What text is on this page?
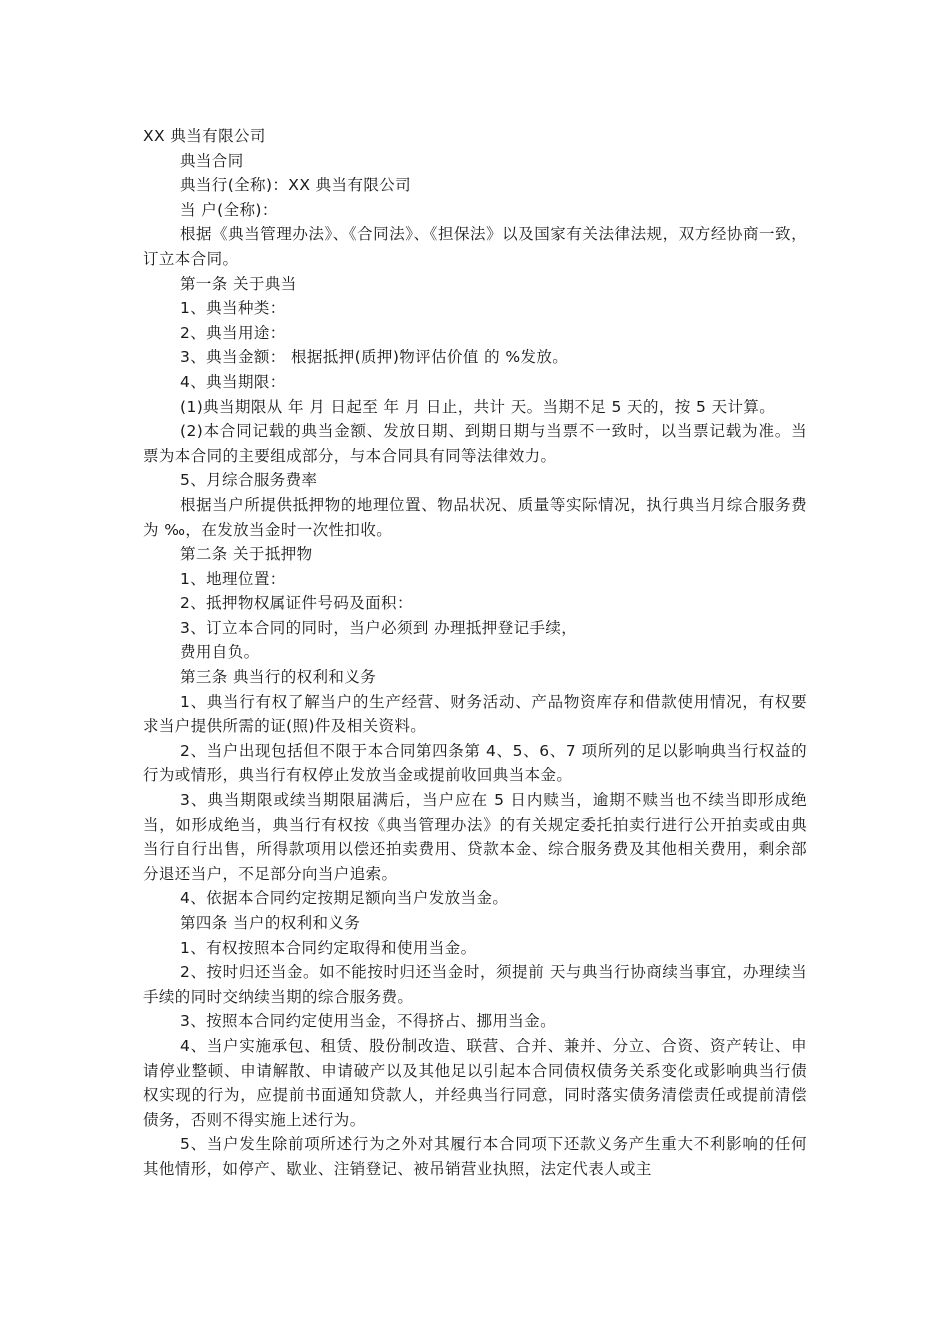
XX 典当有限公司

典当合同

典当行(全称)：XX 典当有限公司

当 户(全称)：

根据《典当管理办法》、《合同法》、《担保法》以及国家有关法律法规，双方经协商一致，订立本合同。

第一条 关于典当

1、典当种类：

2、典当用途：

3、典当金额： 根据抵押(质押)物评估价值 的 %发放。

4、典当期限：

(1)典当期限从 年 月 日起至 年 月 日止，共计 天。当期不足 5 天的，按 5 天计算。

(2)本合同记载的典当金额、发放日期、到期日期与当票不一致时，以当票记载为准。当票为本合同的主要组成部分，与本合同具有同等法律效力。

5、月综合服务费率

根据当户所提供抵押物的地理位置、物品状况、质量等实际情况，执行典当月综合服务费为 ‰，在发放当金时一次性扣收。

第二条 关于抵押物

1、地理位置：

2、抵押物权属证件号码及面积：

3、订立本合同的同时，当户必须到 办理抵押登记手续，

费用自负。

第三条 典当行的权利和义务

1、典当行有权了解当户的生产经营、财务活动、产品物资库存和借款使用情况，有权要求当户提供所需的证(照)件及相关资料。

2、当户出现包括但不限于本合同第四条第 4、5、6、7 项所列的足以影响典当行权益的行为或情形，典当行有权停止发放当金或提前收回典当本金。

3、典当期限或续当期限届满后，当户应在 5 日内赎当，逾期不赎当也不续当即形成绝当，如形成绝当，典当行有权按《典当管理办法》的有关规定委托拍卖行进行公开拍卖或由典当行自行出售，所得款项用以偿还拍卖费用、贷款本金、综合服务费及其他相关费用，剩余部分退还当户，不足部分向当户追索。

4、依据本合同约定按期足额向当户发放当金。

第四条 当户的权利和义务

1、有权按照本合同约定取得和使用当金。

2、按时归还当金。如不能按时归还当金时，须提前 天与典当行协商续当事宜，办理续当手续的同时交纳续当期的综合服务费。

3、按照本合同约定使用当金，不得挤占、挪用当金。

4、当户实施承包、租赁、股份制改造、联营、合并、兼并、分立、合资、资产转让、申请停业整顿、申请解散、申请破产以及其他足以引起本合同债权债务关系变化或影响典当行债权实现的行为，应提前书面通知贷款人，并经典当行同意，同时落实债务清偿责任或提前清偿债务，否则不得实施上述行为。

5、当户发生除前项所述行为之外对其履行本合同项下还款义务产生重大不利影响的任何其他情形，如停产、歇业、注销登记、被吊销营业执照，法定代表人或主
